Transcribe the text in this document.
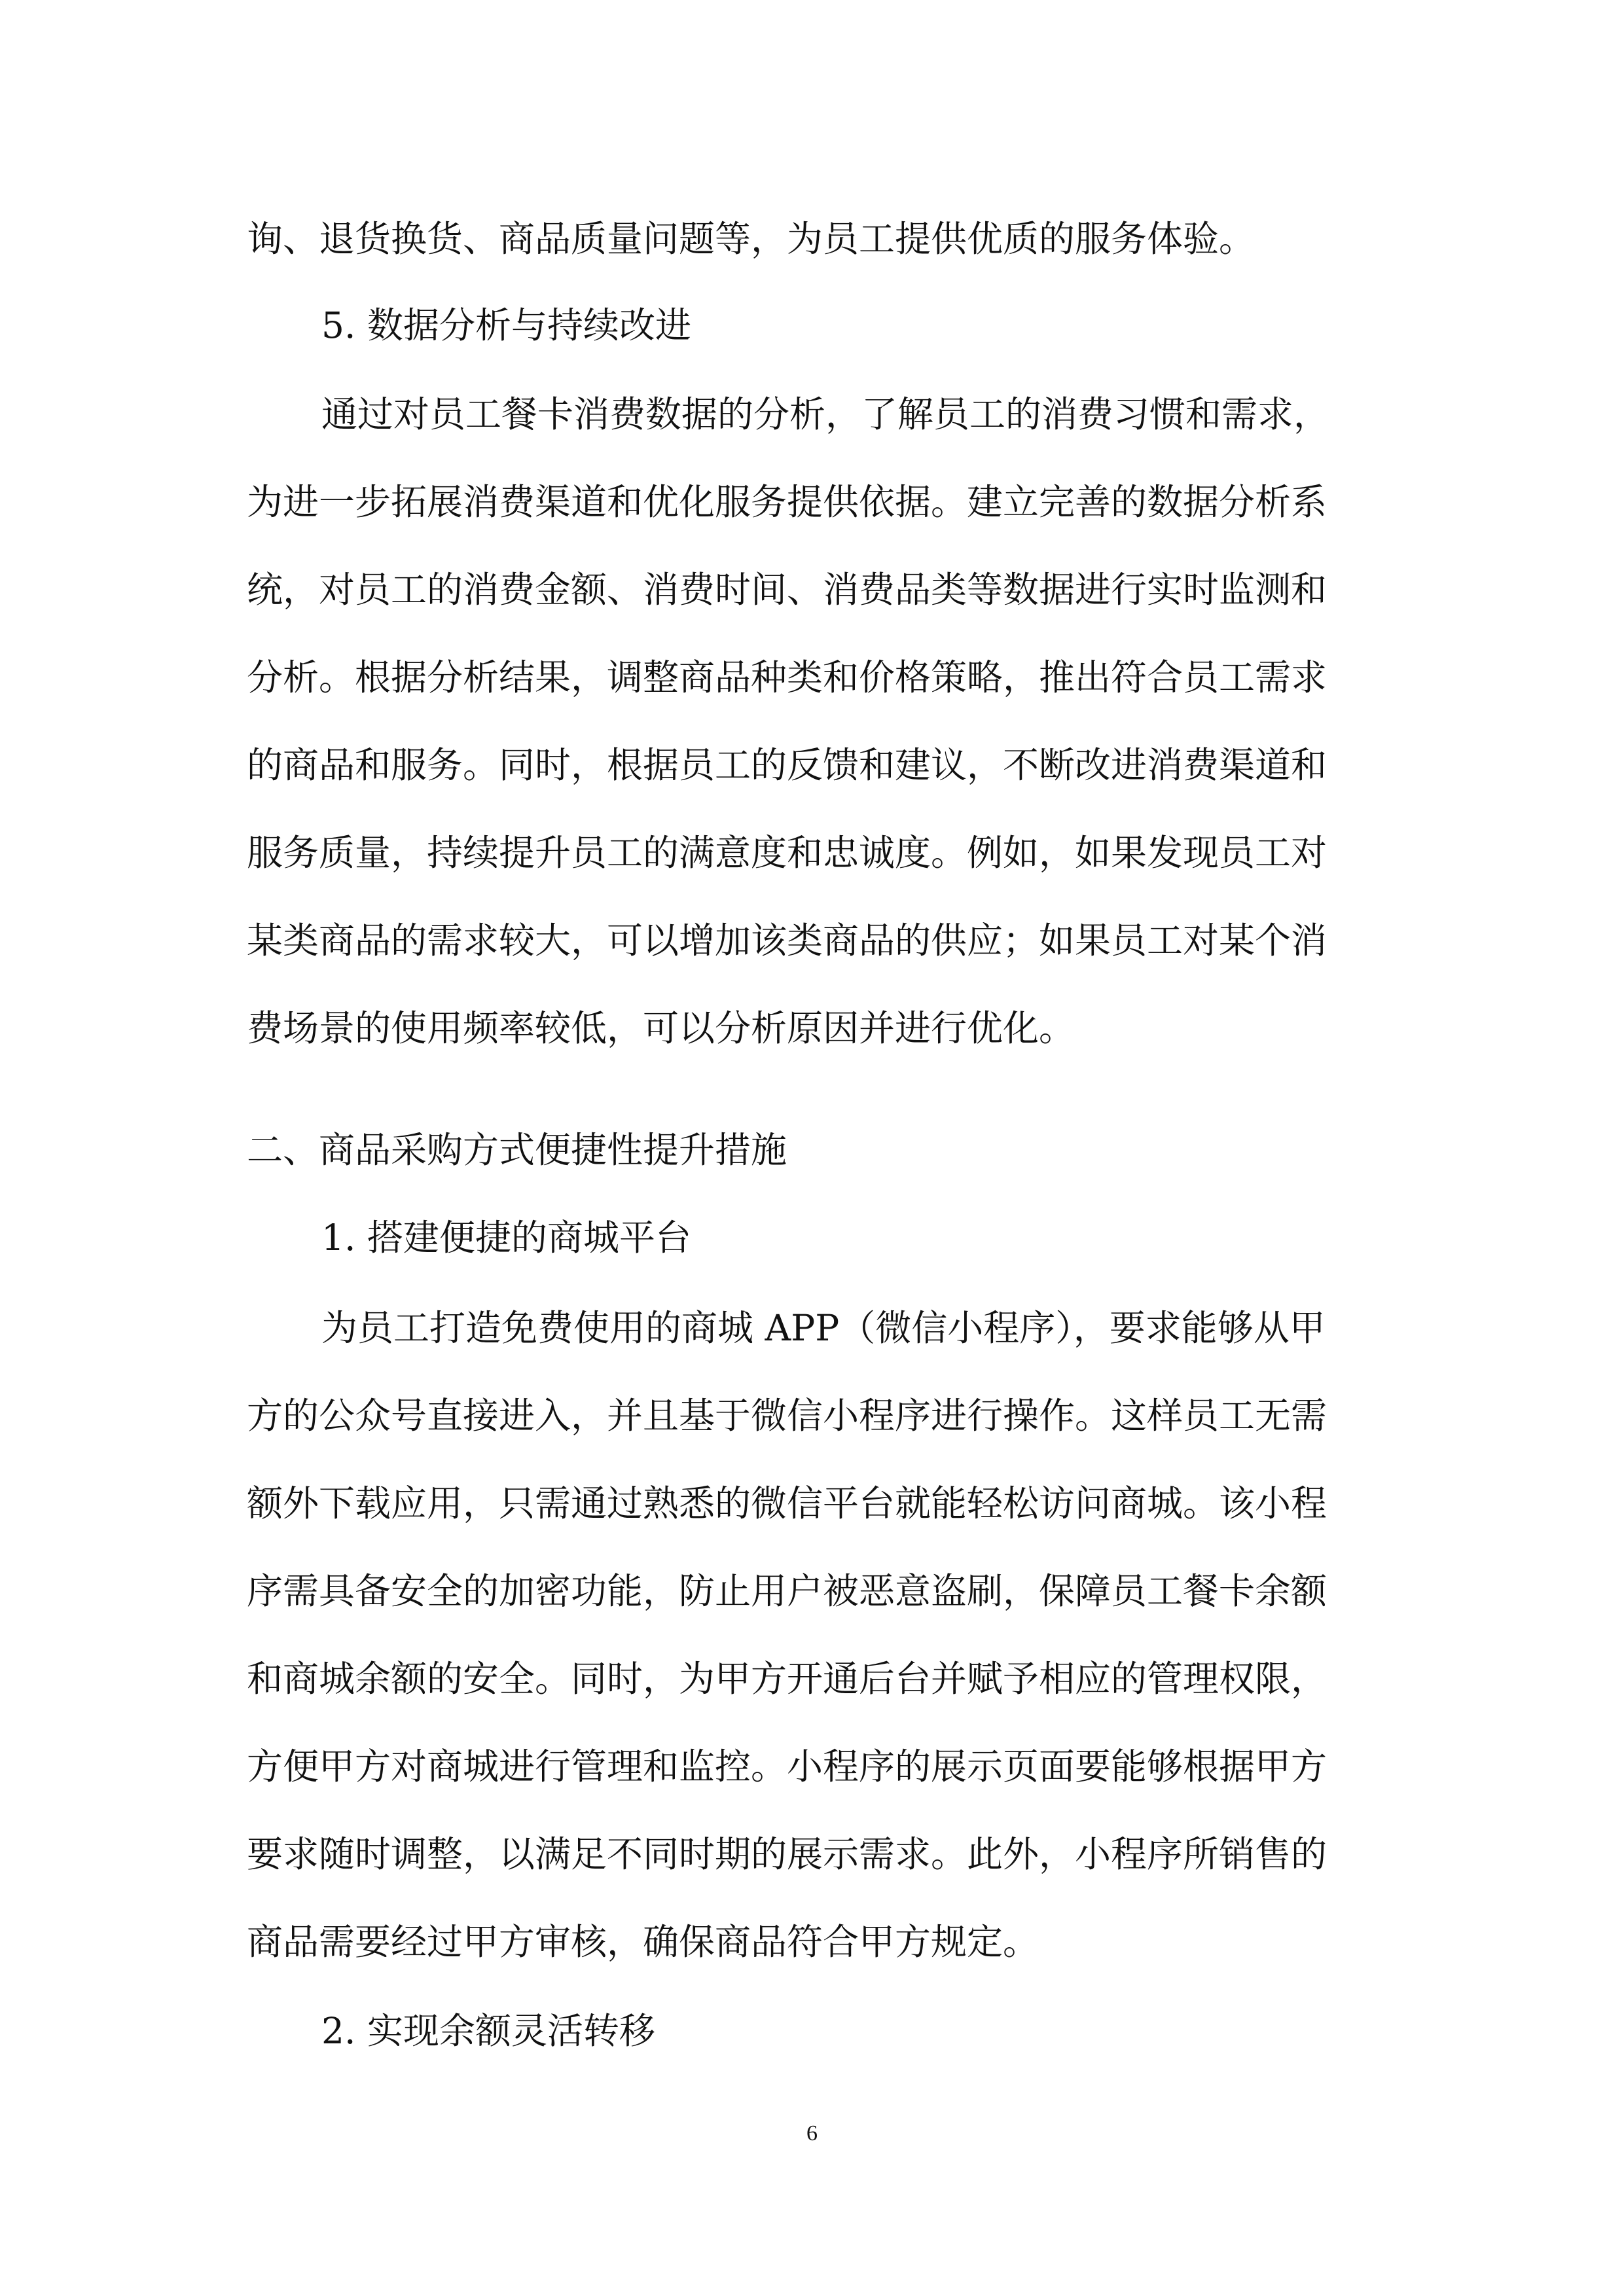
询、退货换货、商品质量问题等，为员工提供优质的服务体验。
5. 数据分析与持续改进
通过对员工餐卡消费数据的分析，了解员工的消费习惯和需求，
为进一步拓展消费渠道和优化服务提供依据。建立完善的数据分析系
统，对员工的消费金额、消费时间、消费品类等数据进行实时监测和
分析。根据分析结果，调整商品种类和价格策略，推出符合员工需求
的商品和服务。同时，根据员工的反馈和建议，不断改进消费渠道和
服务质量，持续提升员工的满意度和忠诚度。例如，如果发现员工对
某类商品的需求较大，可以增加该类商品的供应；如果员工对某个消
费场景的使用频率较低，可以分析原因并进行优化。
二、商品采购方式便捷性提升措施
1. 搭建便捷的商城平台
为员工打造免费使用的商城 APP（微信小程序），要求能够从甲
方的公众号直接进入，并且基于微信小程序进行操作。这样员工无需
额外下载应用，只需通过熟悉的微信平台就能轻松访问商城。该小程
序需具备安全的加密功能，防止用户被恶意盗刷，保障员工餐卡余额
和商城余额的安全。同时，为甲方开通后台并赋予相应的管理权限，
方便甲方对商城进行管理和监控。小程序的展示页面要能够根据甲方
要求随时调整，以满足不同时期的展示需求。此外，小程序所销售的
商品需要经过甲方审核，确保商品符合甲方规定。
2. 实现余额灵活转移
6
